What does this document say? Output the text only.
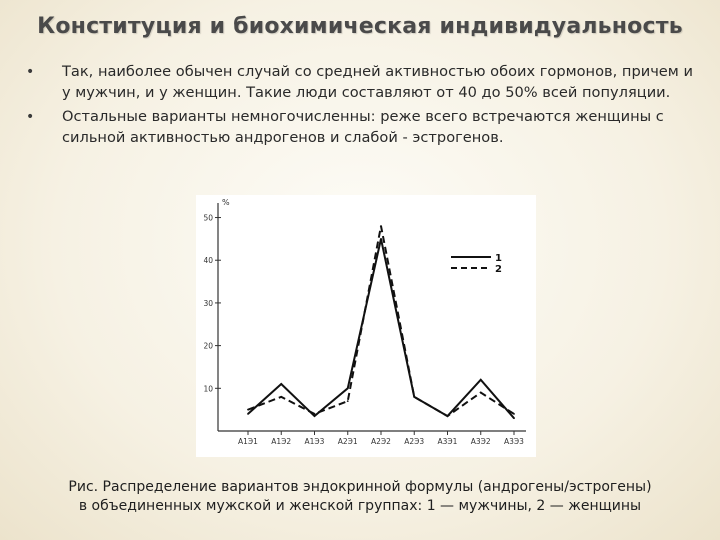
Конституция и биохимическая индивидуальность
• Так, наиболее обычен случай со средней активностью обоих гормонов, причем и у мужчин, и у женщин. Такие люди составляют от 40 до 50% всей популяции.
• Остальные варианты немногочисленны: реже всего встречаются женщины с сильной активностью андрогенов и слабой - эстрогенов.
%
10
20
30
40
50
A1Э1 A1Э2 A1Э3 A2Э1 A2Э2 A2Э3 A3Э1 A3Э2 A3Э3
1
2
Рис. Распределение вариантов эндокринной формулы (андрогены/эстрогены)
в объединенных мужской и женской группах: 1 — мужчины, 2 — женщины
